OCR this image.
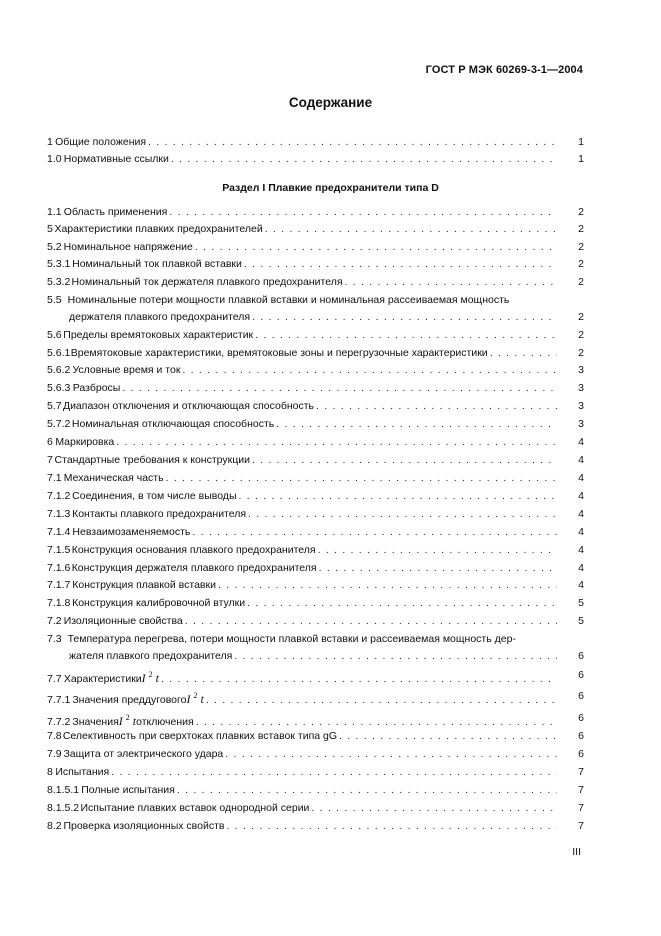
ГОСТ Р МЭК 60269-3-1—2004
Содержание
Раздел I Плавкие предохранители типа D
1 Общие положения . . .	1
1.0 Нормативные ссылки . . .	1
1.1 Область применения . . .	2
5 Характеристики плавких предохранителей . . .	2
5.2 Номинальное напряжение . . .	2
5.3.1 Номинальный ток плавкой вставки . . .	2
5.3.2 Номинальный ток держателя плавкого предохранителя . . .	2
5.5 Номинальные потери мощности плавкой вставки и номинальная рассеиваемая мощность
держателя плавкого предохранителя . . .	2
5.6 Пределы времятоковых характеристик . . .	2
5.6.1 Времятоковые характеристики, времятоковые зоны и перегрузочные характеристики . . .	2
5.6.2 Условные время и ток . . .	3
5.6.3 Разбросы . . .	3
5.7 Диапазон отключения и отключающая способность . . .	3
5.7.2 Номинальная отключающая способность . . .	3
6 Маркировка . . .	4
7 Стандартные требования к конструкции . . .	4
7.1 Механическая часть . . .	4
7.1.2 Соединения, в том числе выводы . . .	4
7.1.3 Контакты плавкого предохранителя . . .	4
7.1.4 Невзаимозаменяемость . . .	4
7.1.5 Конструкция основания плавкого предохранителя . . .	4
7.1.6 Конструкция держателя плавкого предохранителя . . .	4
7.1.7 Конструкция плавкой вставки . . .	4
7.1.8 Конструкция калибровочной втулки . . .	5
7.2 Изоляционные свойства . . .	5
7.3 Температура перегрева, потери мощности плавкой вставки и рассеиваемая мощность дер-
жателя плавкого предохранителя . . .	6
7.7 Характеристики I $^2$ t . . .	6
7.7.1 Значения преддугового I $^2$ t . . .	6
7.7.2 Значения I $^2$ t отключения . . .	6
7.8 Селективность при сверхтоках плавких вставок типа gG . . .	6
7.9 Защита от электрического удара . . .	6
8 Испытания . . .	7
8.1.5.1 Полные испытания . . .	7
8.1.5.2 Испытание плавких вставок однородной серии . . .	7
8.2 Проверка изоляционных свойств . . .	7
III
